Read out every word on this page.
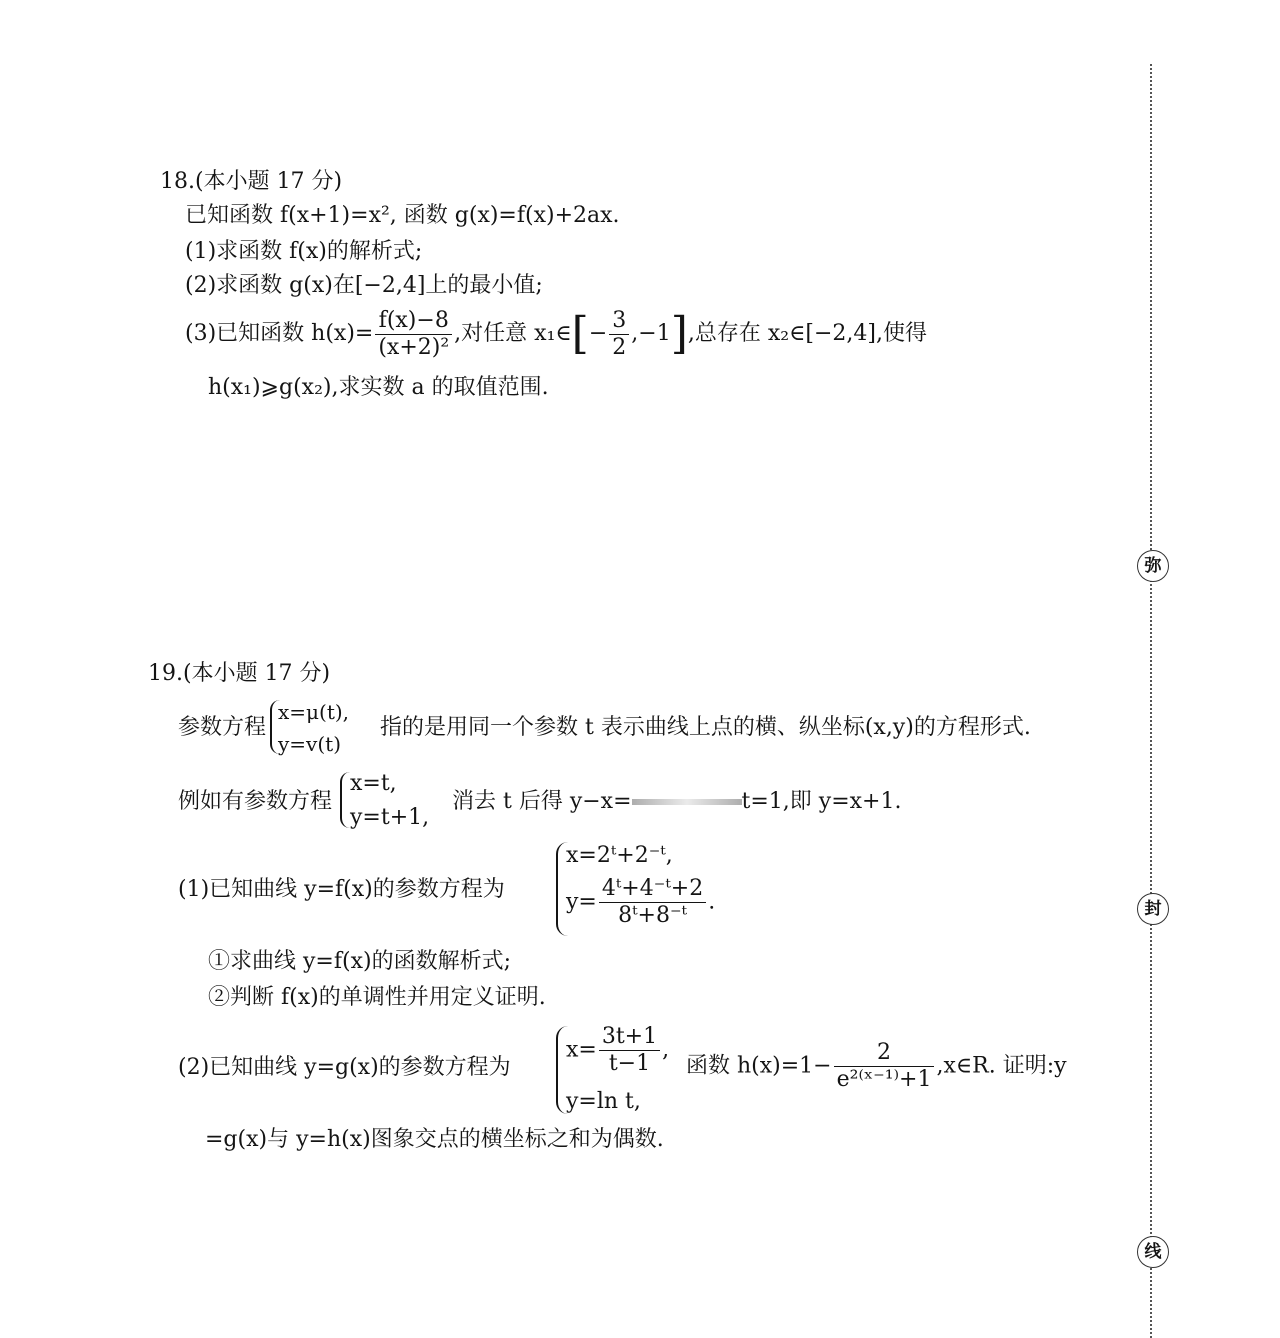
18.(本小题 17 分)
已知函数 f(x+1)=x², 函数 g(x)=f(x)+2ax.
(1)求函数 f(x)的解析式;
(2)求函数 g(x)在[−2,4]上的最小值;
(3)已知函数 $h(x)= \frac{f(x)-8}{\text{(x+2)²}}$ ,对任意 x₁∈[− $\frac{3}{2} ,-1$],总存在 x₂∈[−2,4],使得
h(x₁)⩾g(x₂),求实数 a 的取值范围.
19.(本小题 17 分)
参数方程
x=μ(t),
y=v(t)
指的是用同一个参数 t 表示曲线上点的横、纵坐标(x,y)的方程形式.
例如有参数方程
x=t,
y=t+1,
消去 t 后得 y−x=	t=1,即 y=x+1.
(1)已知曲线 y=f(x)的参数方程为
x=2ᵗ+2⁻ᵗ,
$y= \frac{\text{4ᵗ+4⁻ᵗ+2}}{\text{8ᵗ+8⁻ᵗ}}$ .
①求曲线 y=f(x)的函数解析式;
②判断 f(x)的单调性并用定义证明.
(2)已知曲线 y=g(x)的参数方程为
$x= \frac{3t+1}{t-1}$ ,
y=ln t,
函数 $h(x)=1- \frac{2}{\text{e²⁽ˣ⁻¹⁾+1}}$ ,x∈R. 证明:y
=g(x)与 y=h(x)图象交点的横坐标之和为偶数.
弥
封
线
